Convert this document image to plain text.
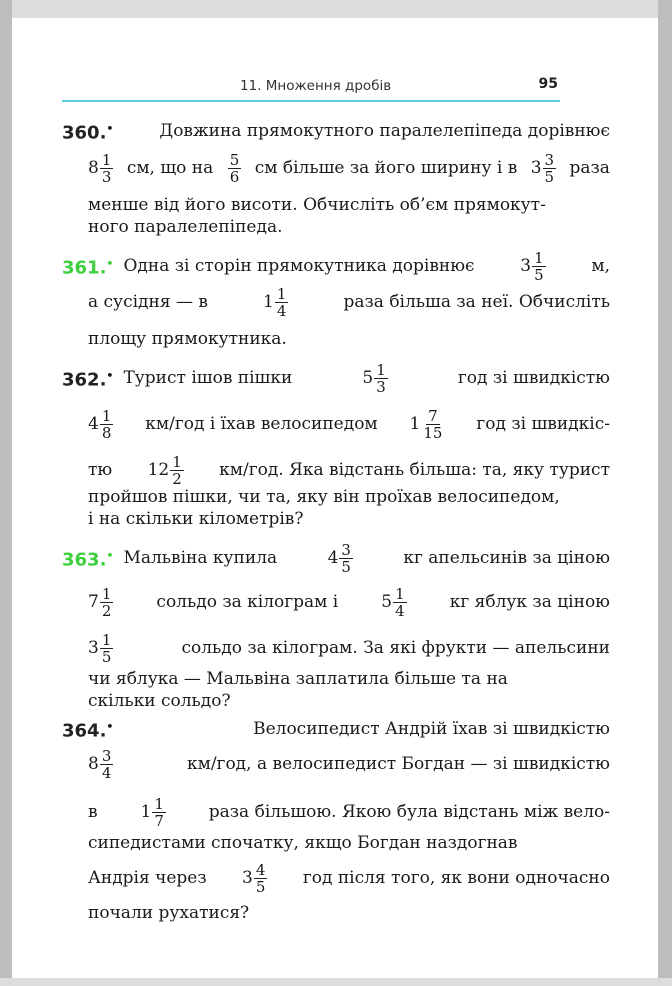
11. Множення дробів	95
360.•	Довжина прямокутного паралелепіпеда дорівнює
$8 \frac{1}{3}$ см, що на $\frac{5}{6}$ см більше за його ширину і в $3 \frac{3}{5}$ раза
менше від його висоти. Обчисліть об’єм прямокут-
ного паралелепіпеда.
361.• Одна зі сторін прямокутника дорівнює	$3 \frac{1}{5}$	м,
а сусідня — в	$1 \frac{1}{4}$	раза більша за неї. Обчисліть
площу прямокутника.
362.• Турист ішов пішки	$5 \frac{1}{3}$	год зі швидкістю
$4 \frac{1}{8} км/год$ і їхав велосипедом $1 \frac{7}{15}$ год зі швидкіс-
тю $12 \frac{1}{2} км/год$. Яка відстань більша: та, яку турист
пройшов пішки, чи та, яку він проїхав велосипедом,
і на скільки кілометрів?
363.• Мальвіна купила	$4 \frac{3}{5}$	кг апельсинів за ціною
$7 \frac{1}{2}$	сольдо за кілограм і	$5 \frac{1}{4}$	кг яблук за ціною
$3 \frac{1}{5}$	сольдо за кілограм. За які фрукти — апельсини
чи яблука — Мальвіна заплатила більше та на
скільки сольдо?
364.•	Велосипедист Андрій їхав зі швидкістю
$8 \frac{3}{4}$	км/год, а велосипедист Богдан — зі швидкістю
в	$1 \frac{1}{7}$	раза більшою. Якою була відстань між вело-
сипедистами спочатку, якщо Богдан наздогнав
Андрія через $3 \frac{4}{5}$ год після того, як вони одночасно
почали рухатися?
